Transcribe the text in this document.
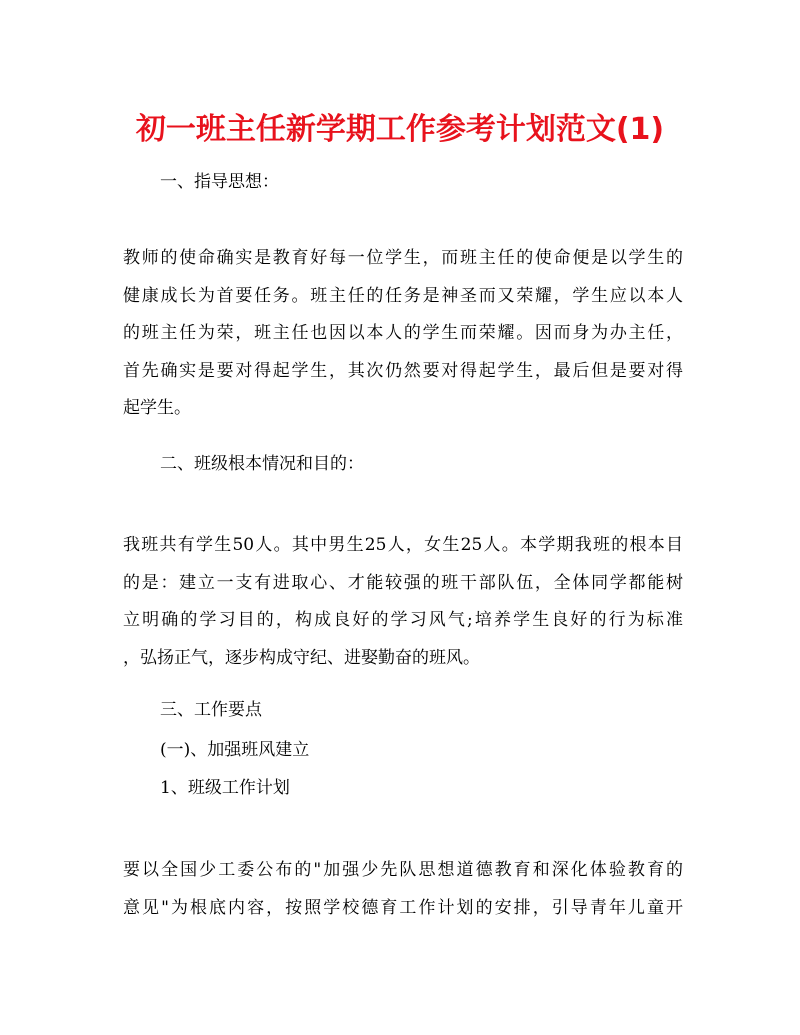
初一班主任新学期工作参考计划范文(1)
一、指导思想：
教师的使命确实是教育好每一位学生，而班主任的使命便是以学生的
健康成长为首要任务。班主任的任务是神圣而又荣耀，学生应以本人
的班主任为荣，班主任也因以本人的学生而荣耀。因而身为办主任，
首先确实是要对得起学生，其次仍然要对得起学生，最后但是要对得
起学生。
二、班级根本情况和目的：
我班共有学生50人。其中男生25人，女生25人。本学期我班的根本目
的是：建立一支有进取心、才能较强的班干部队伍，全体同学都能树
立明确的学习目的，构成良好的学习风气;培养学生良好的行为标准
，弘扬正气，逐步构成守纪、进娶勤奋的班风。
三、工作要点
(一)、加强班风建立
1、班级工作计划
要以全国少工委公布的"加强少先队思想道德教育和深化体验教育的
意见"为根底内容，按照学校德育工作计划的安排，引导青年儿童开
